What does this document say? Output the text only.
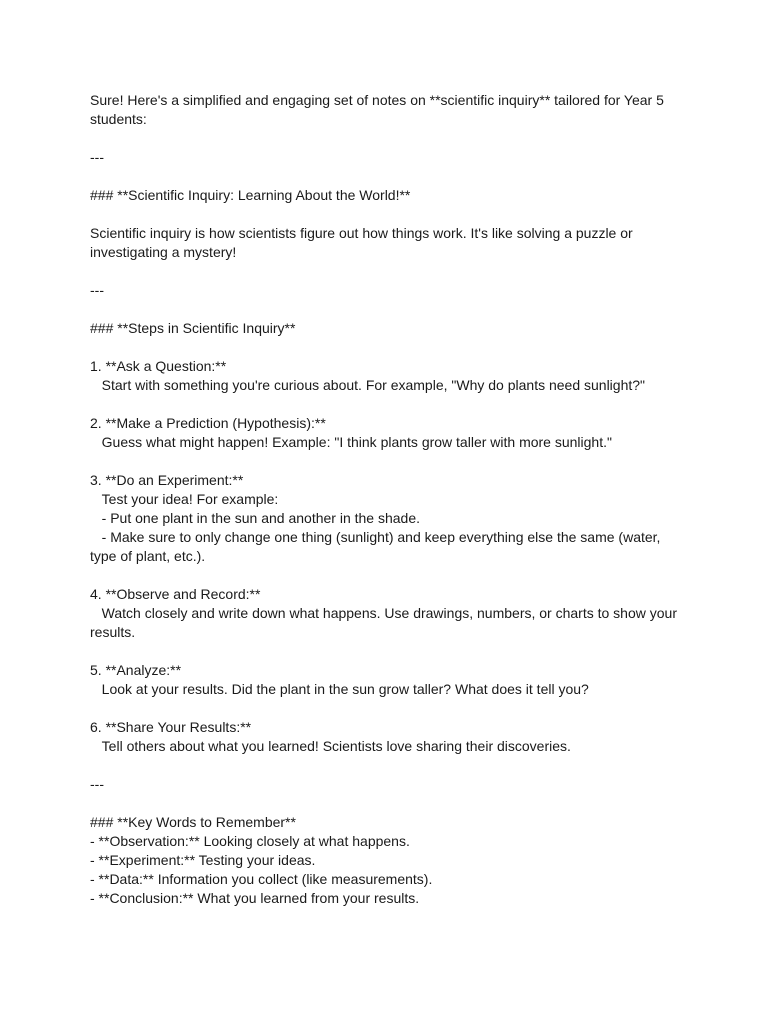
Sure! Here's a simplified and engaging set of notes on **scientific inquiry** tailored for Year 5 students:

---

### **Scientific Inquiry: Learning About the World!**

Scientific inquiry is how scientists figure out how things work. It's like solving a puzzle or investigating a mystery!

---

### **Steps in Scientific Inquiry**

1. **Ask a Question:**

Start with something you're curious about. For example, "Why do plants need sunlight?"

2. **Make a Prediction (Hypothesis):**

Guess what might happen! Example: "I think plants grow taller with more sunlight."

3. **Do an Experiment:**

Test your idea! For example:

- Put one plant in the sun and another in the shade.

- Make sure to only change one thing (sunlight) and keep everything else the same (water, type of plant, etc.).

4. **Observe and Record:**

Watch closely and write down what happens. Use drawings, numbers, or charts to show your results.

5. **Analyze:**

Look at your results. Did the plant in the sun grow taller? What does it tell you?

6. **Share Your Results:**

Tell others about what you learned! Scientists love sharing their discoveries.

---

### **Key Words to Remember**

- **Observation:** Looking closely at what happens.

- **Experiment:** Testing your ideas.

- **Data:** Information you collect (like measurements).

- **Conclusion:** What you learned from your results.
